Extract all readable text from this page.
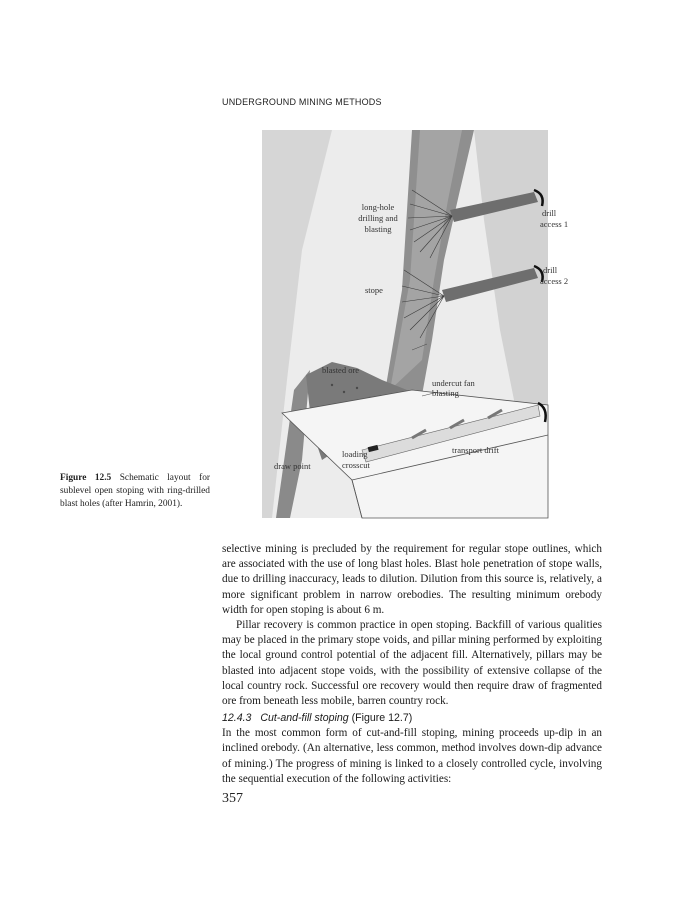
UNDERGROUND MINING METHODS
long-hole
drilling and
blasting
drill
access 1
drill
access 2
stope
blasted ore
undercut fan
blasting
transport drift
loading
crosscut
draw point
Figure 12.5 Schematic layout for sublevel open stoping with ring-drilled blast holes (after Hamrin, 2001).

selective mining is precluded by the requirement for regular stope outlines, which are associated with the use of long blast holes. Blast hole penetration of stope walls, due to drilling inaccuracy, leads to dilution. Dilution from this source is, relatively, a more significant problem in narrow orebodies. The resulting minimum orebody width for open stoping is about 6 m.

Pillar recovery is common practice in open stoping. Backfill of various qualities may be placed in the primary stope voids, and pillar mining performed by exploiting the local ground control potential of the adjacent fill. Alternatively, pillars may be blasted into adjacent stope voids, with the possibility of extensive collapse of the local country rock. Successful ore recovery would then require draw of fragmented ore from beneath less mobile, barren country rock.

12.4.3 Cut-and-fill stoping (Figure 12.7)

In the most common form of cut-and-fill stoping, mining proceeds up-dip in an inclined orebody. (An alternative, less common, method involves down-dip advance of mining.) The progress of mining is linked to a closely controlled cycle, involving the sequential execution of the following activities:

357
